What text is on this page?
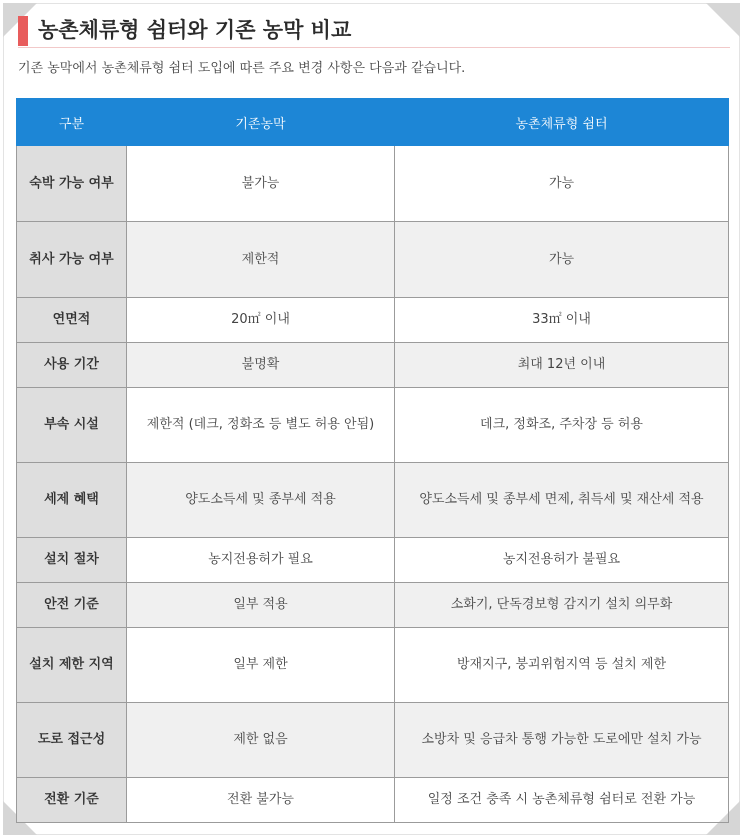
농촌체류형 쉼터와 기존 농막 비교
기존 농막에서 농촌체류형 쉼터 도입에 따른 주요 변경 사항은 다음과 같습니다.
구분	기존농막	농촌체류형 쉼터
숙박 가능 여부	불가능	가능
취사 가능 여부	제한적	가능
연면적	20㎡ 이내	33㎡ 이내
사용 기간	불명확	최대 12년 이내
부속 시설	제한적 (데크, 정화조 등 별도 허용 안됨)	데크, 정화조, 주차장 등 허용
세제 혜택	양도소득세 및 종부세 적용	양도소득세 및 종부세 면제, 취득세 및 재산세 적용
설치 절차	농지전용허가 필요	농지전용허가 불필요
안전 기준	일부 적용	소화기, 단독경보형 감지기 설치 의무화
설치 제한 지역	일부 제한	방재지구, 붕괴위험지역 등 설치 제한
도로 접근성	제한 없음	소방차 및 응급차 통행 가능한 도로에만 설치 가능
전환 기준	전환 불가능	일정 조건 충족 시 농촌체류형 쉼터로 전환 가능
